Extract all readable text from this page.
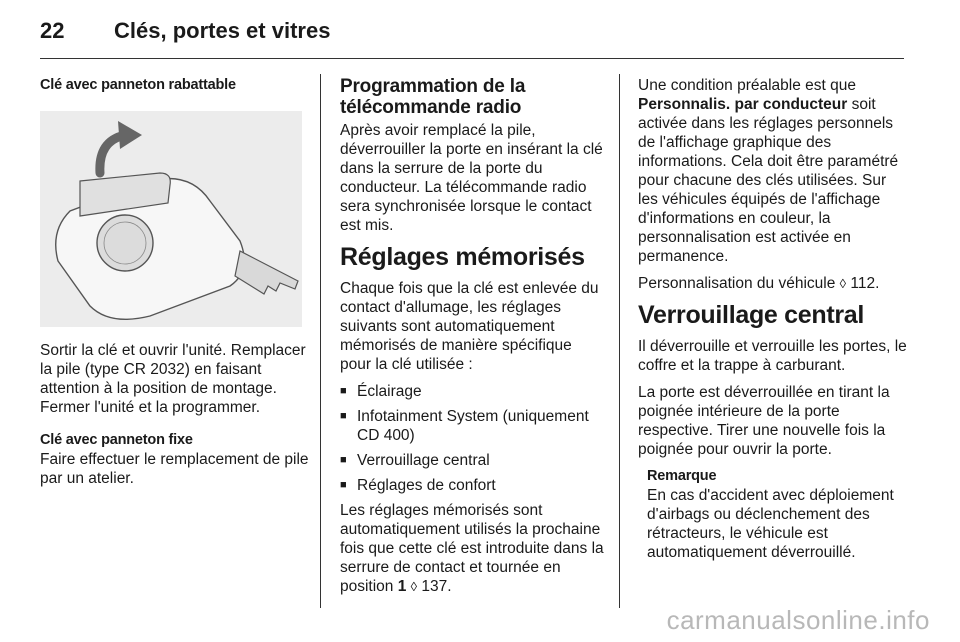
22 Clés, portes et vitres

Clé avec panneton rabattable

Sortir la clé et ouvrir l'unité. Remplacer la pile (type CR 2032) en faisant attention à la position de montage. Fermer l'unité et la programmer.

Clé avec panneton fixe
Faire effectuer le remplacement de pile par un atelier.

Programmation de la télécommande radio

Après avoir remplacé la pile, déverrouiller la porte en insérant la clé dans la serrure de la porte du conducteur. La télécommande radio sera synchronisée lorsque le contact est mis.

Réglages mémorisés

Chaque fois que la clé est enlevée du contact d'allumage, les réglages suivants sont automatiquement mémorisés de manière spécifique pour la clé utilisée :

■ Éclairage
■ Infotainment System (uniquement CD 400)
■ Verrouillage central
■ Réglages de confort

Les réglages mémorisés sont automatiquement utilisés la prochaine fois que cette clé est introduite dans la serrure de contact et tournée en position 1 ◊ 137.

Une condition préalable est que Personnalis. par conducteur soit activée dans les réglages personnels de l'affichage graphique des informations. Cela doit être paramétré pour chacune des clés utilisées. Sur les véhicules équipés de l'affichage d'informations en couleur, la personnalisation est activée en permanence.

Personnalisation du véhicule ◊ 112.

Verrouillage central

Il déverrouille et verrouille les portes, le coffre et la trappe à carburant.

La porte est déverrouillée en tirant la poignée intérieure de la porte respective. Tirer une nouvelle fois la poignée pour ouvrir la porte.

Remarque
En cas d'accident avec déploiement d'airbags ou déclenchement des rétracteurs, le véhicule est automatiquement déverrouillé.
carmanualsonline.info
